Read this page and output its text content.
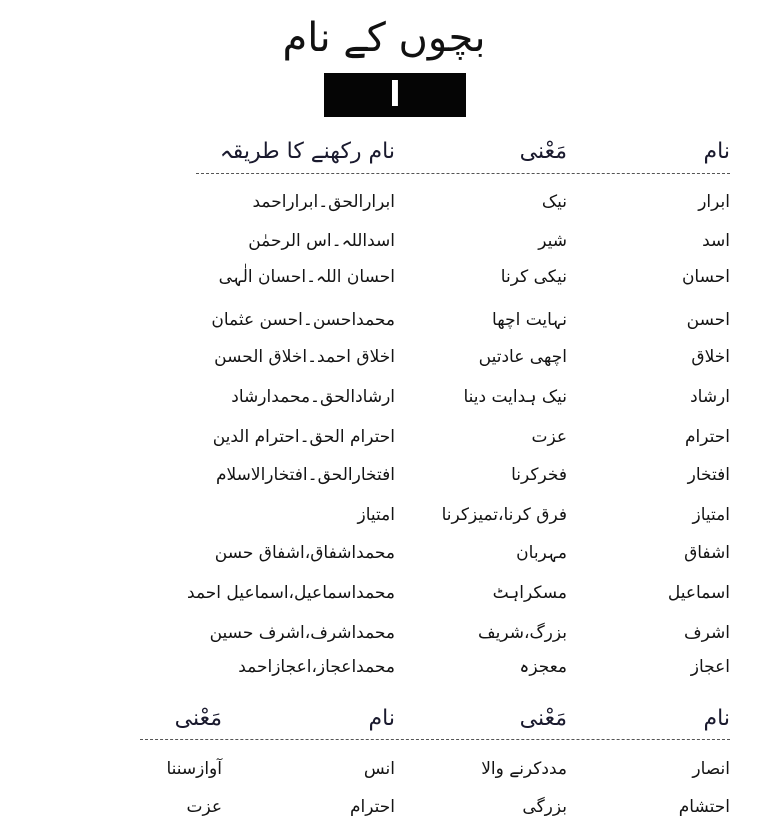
بچوں کے نام
ا
نام
مَعْنی
نام رکھنے کا طریقہ
ابرار
نیک
ابرارالحق۔ابراراحمد
اسد
شیر
اسداللہ۔اس الرحمٰن
احسان
نیکی کرنا
احسان اللہ۔احسان الٰہی
احسن
نہایت اچھا
محمداحسن۔احسن عثمان
اخلاق
اچھی عادتیں
اخلاق احمد۔اخلاق الحسن
ارشاد
نیک ہدایت دینا
ارشادالحق۔محمدارشاد
احترام
عزت
احترام الحق۔احترام الدین
افتخار
فخرکرنا
افتخارالحق۔افتخارالاسلام
امتیاز
فرق کرنا،تمیزکرنا
امتیاز
اشفاق
مہربان
محمداشفاق،اشفاق حسن
اسماعیل
مسکراہٹ
محمداسماعیل،اسماعیل احمد
اشرف
بزرگ،شریف
محمداشرف،اشرف حسین
اعجاز
معجزہ
محمداعجاز،اعجازاحمد
نام
مَعْنی
نام
مَعْنی
انصار
مددکرنے والا
انس
آوازسننا
احتشام
بزرگی
احترام
عزت
